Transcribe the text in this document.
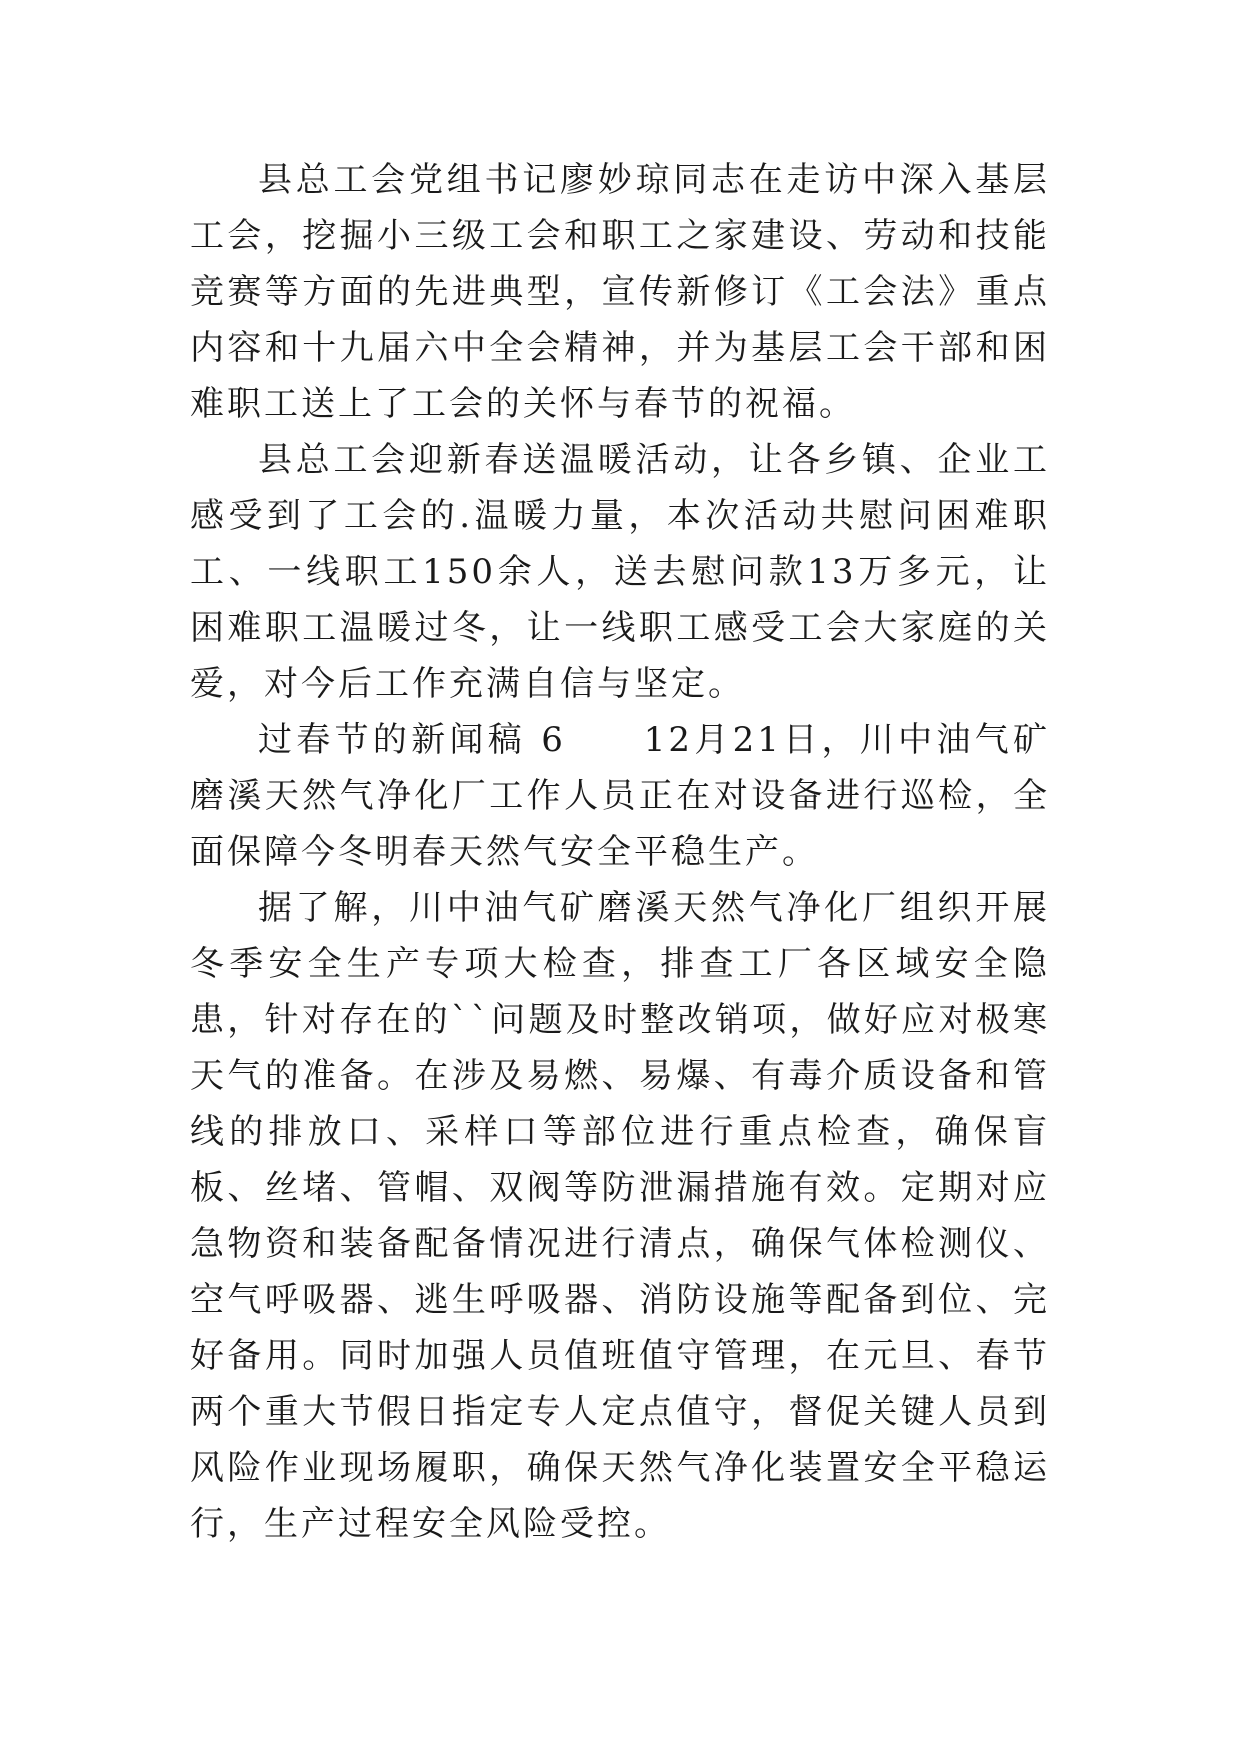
县总工会党组书记廖妙琼同志在走访中深入基层工会，挖掘小三级工会和职工之家建设、劳动和技能竞赛等方面的先进典型，宣传新修订《工会法》重点内容和十九届六中全会精神，并为基层工会干部和困难职工送上了工会的关怀与春节的祝福。

县总工会迎新春送温暖活动，让各乡镇、企业工感受到了工会的.温暖力量，本次活动共慰问困难职工、一线职工150余人，送去慰问款13万多元，让困难职工温暖过冬，让一线职工感受工会大家庭的关爱，对今后工作充满自信与坚定。

过春节的新闻稿 6　　12月21日，川中油气矿磨溪天然气净化厂工作人员正在对设备进行巡检，全面保障今冬明春天然气安全平稳生产。

据了解，川中油气矿磨溪天然气净化厂组织开展冬季安全生产专项大检查，排查工厂各区域安全隐患，针对存在的``问题及时整改销项，做好应对极寒天气的准备。在涉及易燃、易爆、有毒介质设备和管线的排放口、采样口等部位进行重点检查，确保盲板、丝堵、管帽、双阀等防泄漏措施有效。定期对应急物资和装备配备情况进行清点，确保气体检测仪、空气呼吸器、逃生呼吸器、消防设施等配备到位、完好备用。同时加强人员值班值守管理，在元旦、春节两个重大节假日指定专人定点值守，督促关键人员到风险作业现场履职，确保天然气净化装置安全平稳运行，生产过程安全风险受控。
